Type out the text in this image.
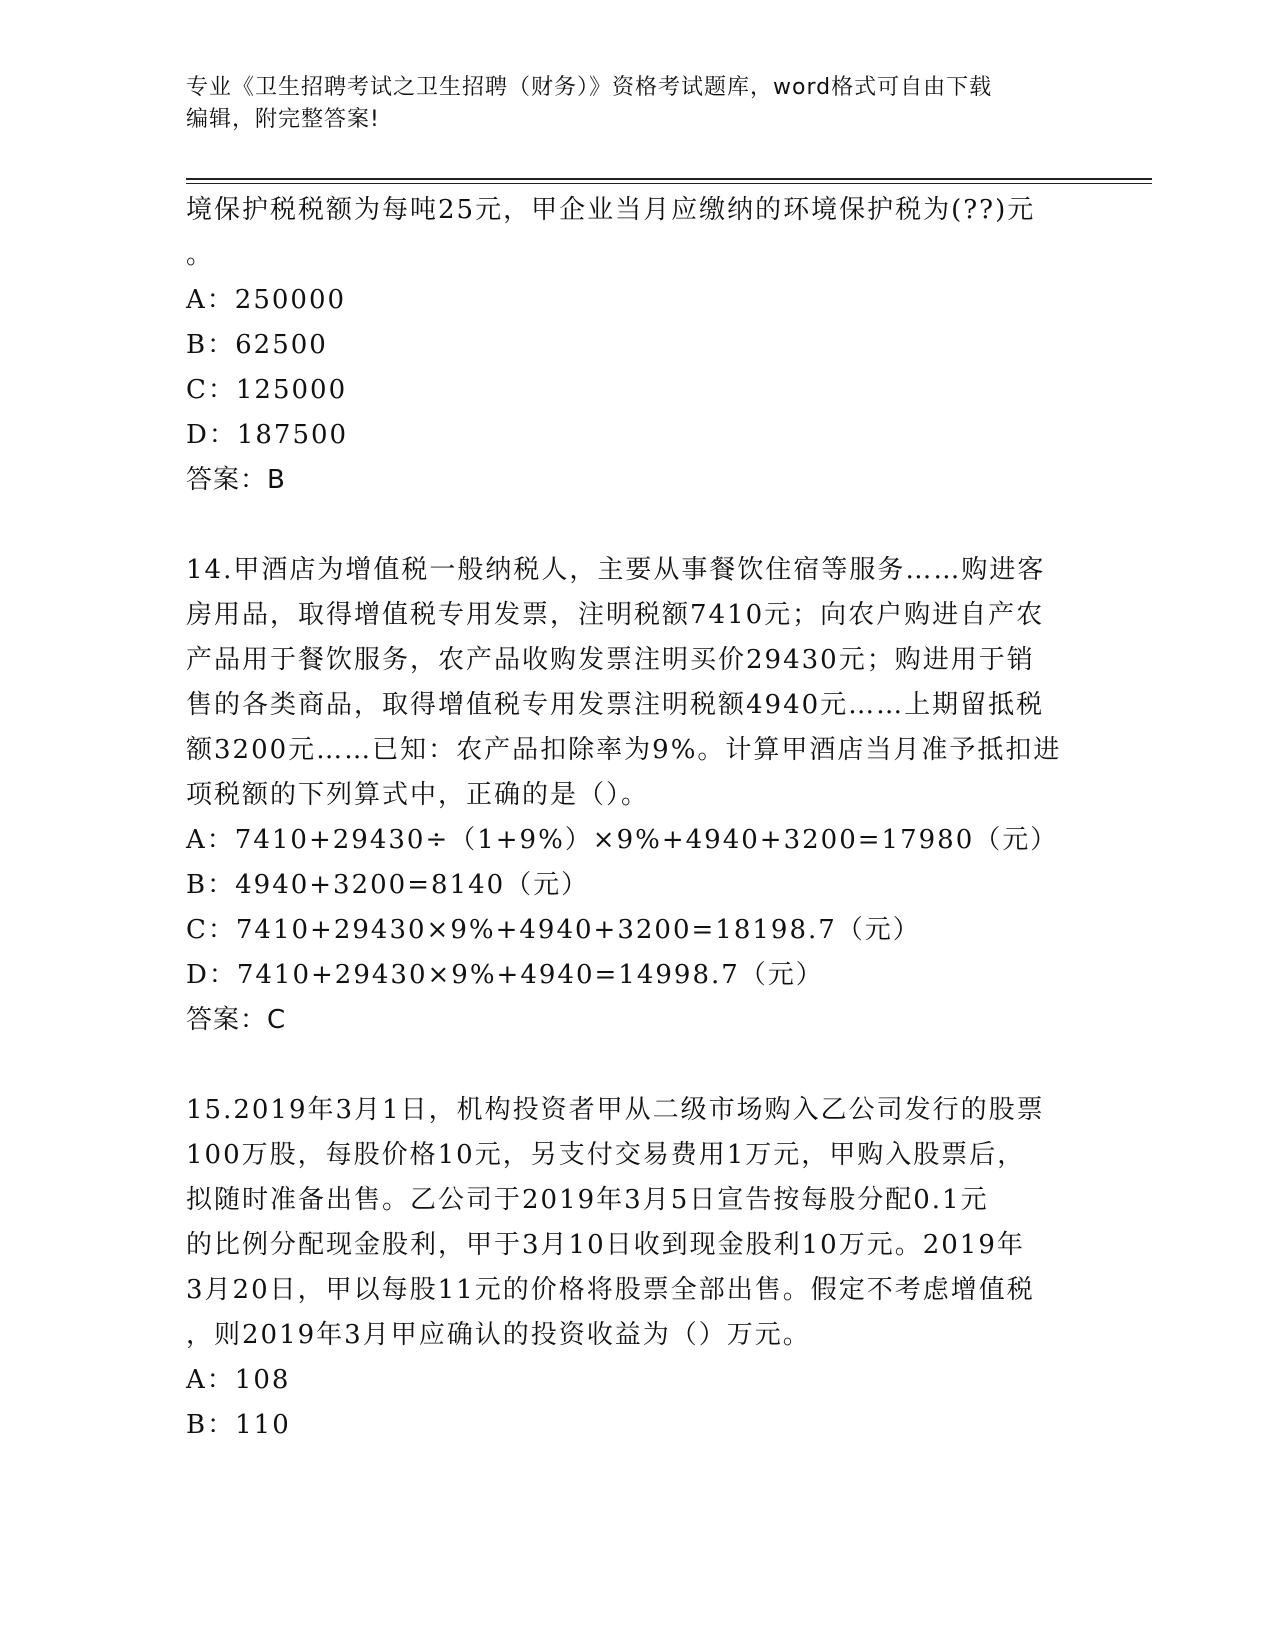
专业《卫生招聘考试之卫生招聘（财务）》资格考试题库，word格式可自由下载
编辑，附完整答案!
境保护税税额为每吨25元，甲企业当月应缴纳的环境保护税为(??)元
。
A：250000
B：62500
C：125000
D：187500
答案：B
14.甲酒店为增值税一般纳税人，主要从事餐饮住宿等服务……购进客
房用品，取得增值税专用发票，注明税额7410元；向农户购进自产农
产品用于餐饮服务，农产品收购发票注明买价29430元；购进用于销
售的各类商品，取得增值税专用发票注明税额4940元……上期留抵税
额3200元……已知：农产品扣除率为9%。计算甲酒店当月准予抵扣进
项税额的下列算式中，正确的是（）。
A：7410+29430÷（1+9%）×9%+4940+3200=17980（元）
B：4940+3200=8140（元）
C：7410+29430×9%+4940+3200=18198.7（元）
D：7410+29430×9%+4940=14998.7（元）
答案：C
15.2019年3月1日，机构投资者甲从二级市场购入乙公司发行的股票
100万股，每股价格10元，另支付交易费用1万元，甲购入股票后，
拟随时准备出售。乙公司于2019年3月5日宣告按每股分配0.1元
的比例分配现金股利，甲于3月10日收到现金股利10万元。2019年
3月20日，甲以每股11元的价格将股票全部出售。假定不考虑增值税
，则2019年3月甲应确认的投资收益为（）万元。
A：108
B：110
